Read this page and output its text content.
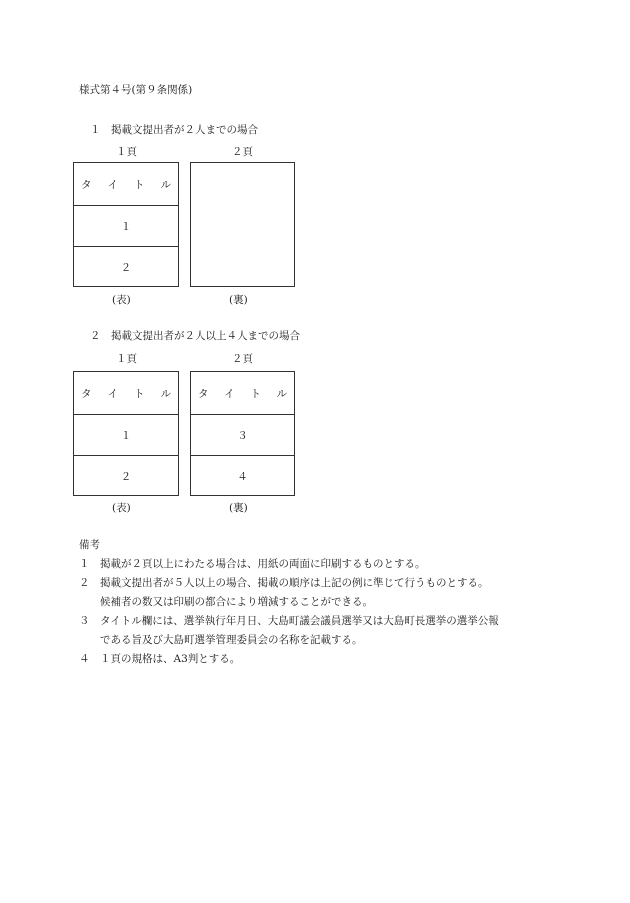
様式第４号(第９条関係)
１　掲載文提出者が２人までの場合
１頁	２頁
タ イ ト ル
１
２
(表)	(裏)
２　掲載文提出者が２人以上４人までの場合
１頁	２頁
タ イ ト ル
１
２
タ イ ト ル
３
４
(表)	(裏)
備考
１　掲載が２頁以上にわたる場合は、用紙の両面に印刷するものとする。
２　掲載文提出者が５人以上の場合、掲載の順序は上記の例に準じて行うものとする。
　　候補者の数又は印刷の都合により増減することができる。
３　タイトル欄には、選挙執行年月日、大島町議会議員選挙又は大島町長選挙の選挙公報
　　である旨及び大島町選挙管理委員会の名称を記載する。
４　１頁の規格は、A3判とする。
